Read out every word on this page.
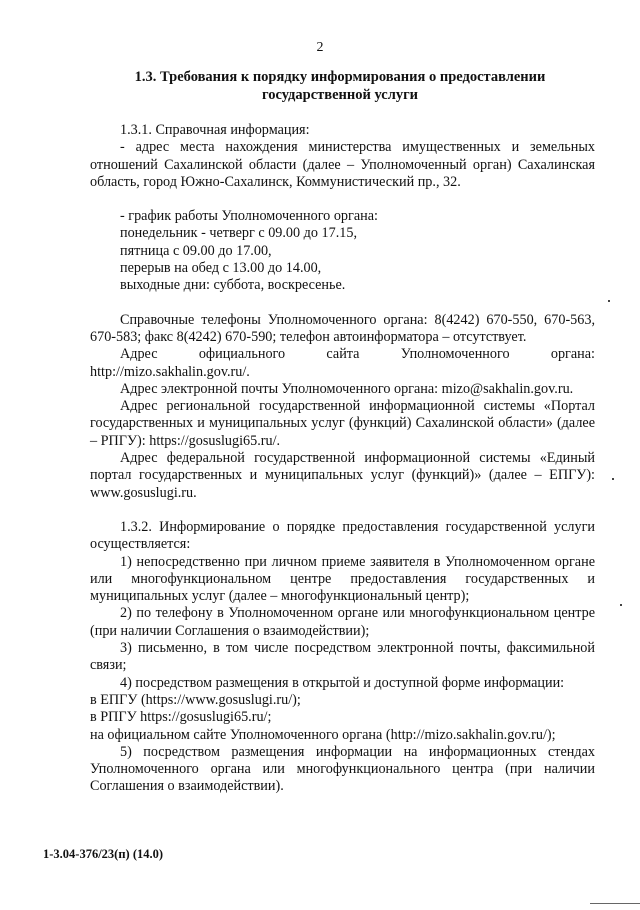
2
1.3. Требования к порядку информирования о предоставлении государственной услуги

1.3.1. Справочная информация:

- адрес места нахождения министерства имущественных и земельных отношений Сахалинской области (далее – Уполномоченный орган) Сахалинская область, город Южно-Сахалинск, Коммунистический пр., 32.

- график работы Уполномоченного органа:

понедельник - четверг с 09.00 до 17.15,

пятница с 09.00 до 17.00,

перерыв на обед с 13.00 до 14.00,

выходные дни: суббота, воскресенье.

Справочные телефоны Уполномоченного органа: 8(4242) 670-550, 670-563, 670-583; факс 8(4242) 670-590; телефон автоинформатора – отсутствует.

Адрес официального сайта Уполномоченного органа: http://mizo.sakhalin.gov.ru/.

Адрес электронной почты Уполномоченного органа: mizo@sakhalin.gov.ru.

Адрес региональной государственной информационной системы «Портал государственных и муниципальных услуг (функций) Сахалинской области» (далее – РПГУ): https://gosuslugi65.ru/.

Адрес федеральной государственной информационной системы «Единый портал государственных и муниципальных услуг (функций)» (далее – ЕПГУ): www.gosuslugi.ru.

1.3.2. Информирование о порядке предоставления государственной услуги осуществляется:

1) непосредственно при личном приеме заявителя в Уполномоченном органе или многофункциональном центре предоставления государственных и муниципальных услуг (далее – многофункциональный центр);

2) по телефону в Уполномоченном органе или многофункциональном центре (при наличии Соглашения о взаимодействии);

3) письменно, в том числе посредством электронной почты, факсимильной связи;

4) посредством размещения в открытой и доступной форме информации:

в ЕПГУ (https://www.gosuslugi.ru/);

в РПГУ https://gosuslugi65.ru/;

на официальном сайте Уполномоченного органа (http://mizo.sakhalin.gov.ru/);

5) посредством размещения информации на информационных стендах Уполномоченного органа или многофункционального центра (при наличии Соглашения о взаимодействии).

1-3.04-376/23(п) (14.0)
